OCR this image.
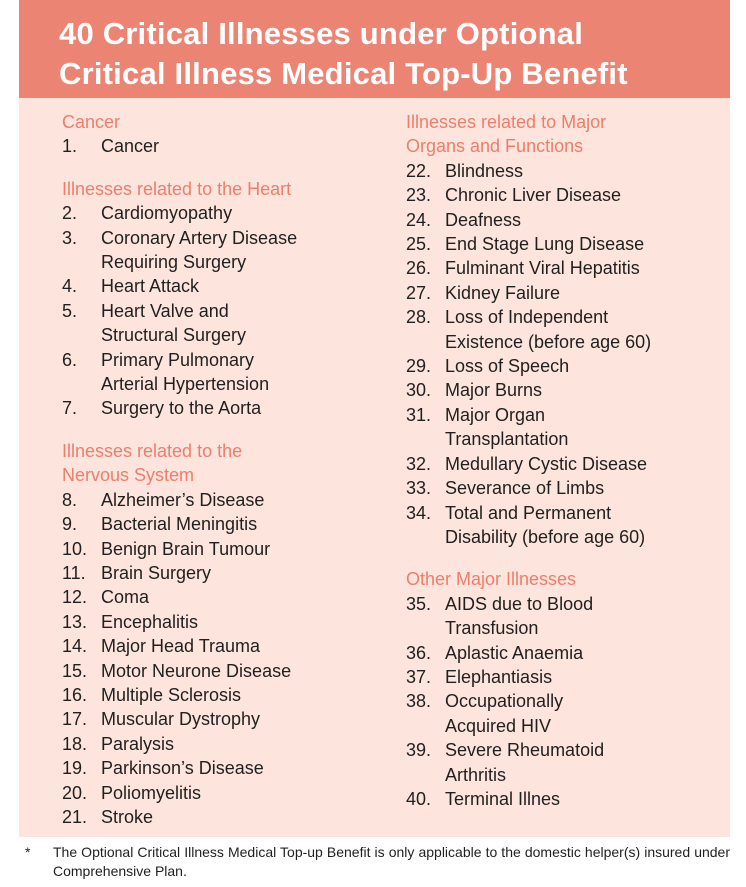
40 Critical Illnesses under Optional

Critical Illness Medical Top-Up Benefit

Cancer

1.	Cancer

Illnesses related to the Heart

2.	Cardiomyopathy
3.	Coronary Artery Disease
Requiring Surgery
4.	Heart Attack
5.	Heart Valve and
Structural Surgery
6.	Primary Pulmonary
Arterial Hypertension
7.	Surgery to the Aorta

Illnesses related to the

Nervous System

8.	Alzheimer’s Disease
9.	Bacterial Meningitis
10. Benign Brain Tumour
11. Brain Surgery
12. Coma
13. Encephalitis
14. Major Head Trauma
15. Motor Neurone Disease
16. Multiple Sclerosis
17. Muscular Dystrophy
18. Paralysis
19. Parkinson’s Disease
20. Poliomyelitis
21. Stroke

Illnesses related to Major

Organs and Functions

22. Blindness
23. Chronic Liver Disease
24. Deafness
25. End Stage Lung Disease
26. Fulminant Viral Hepatitis
27. Kidney Failure
28. Loss of Independent
Existence (before age 60)
29. Loss of Speech
30. Major Burns
31. Major Organ
Transplantation
32. Medullary Cystic Disease
33. Severance of Limbs
34. Total and Permanent
Disability (before age 60)

Other Major Illnesses

35. AIDS due to Blood
Transfusion
36. Aplastic Anaemia
37. Elephantiasis
38. Occupationally
Acquired HIV
39. Severe Rheumatoid
Arthritis
40. Terminal Illnes
*	The Optional Critical Illness Medical Top-up Benefit is only applicable to the domestic helper(s) insured under Comprehensive Plan.
